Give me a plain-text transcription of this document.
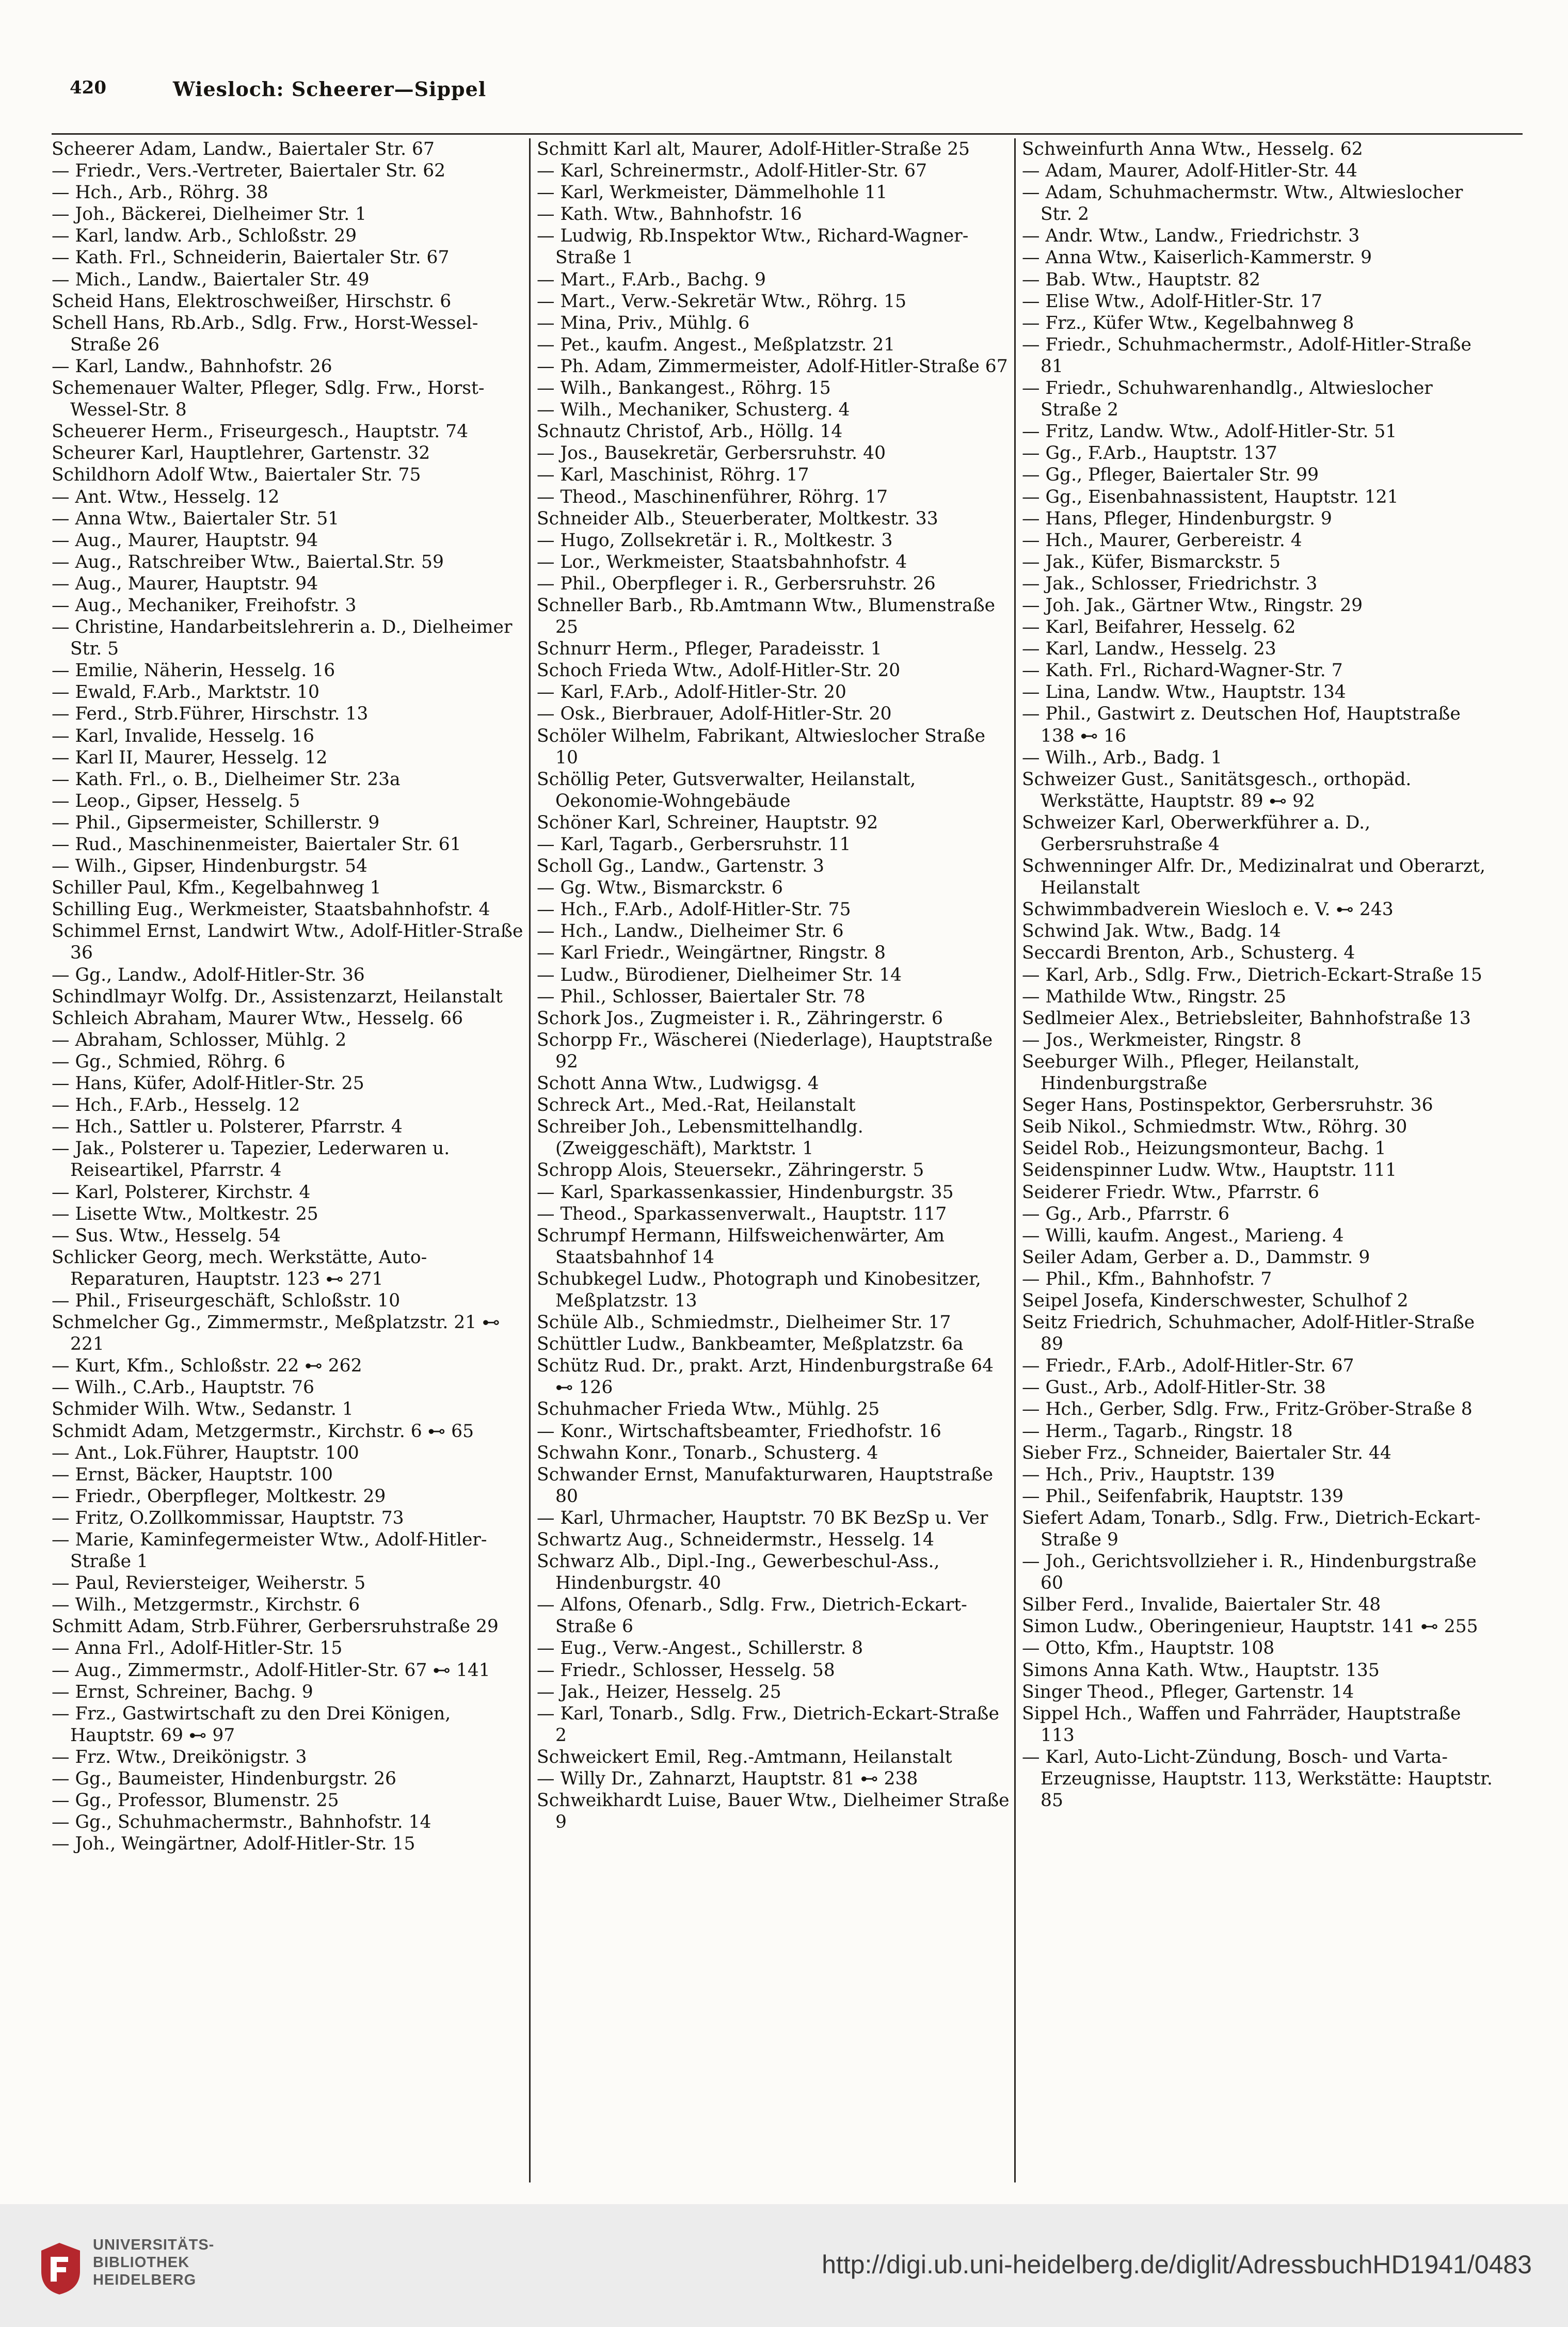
420	Wiesloch: Scheerer—Sippel
Scheerer Adam, Landw., Baiertaler Str. 67
— Friedr., Vers.-Vertreter, Baiertaler Str. 62
— Hch., Arb., Röhrg. 38
— Joh., Bäckerei, Dielheimer Str. 1
— Karl, landw. Arb., Schloßstr. 29
— Kath. Frl., Schneiderin, Baiertaler Str. 67
— Mich., Landw., Baiertaler Str. 49
Scheid Hans, Elektroschweißer, Hirschstr. 6
Schell Hans, Rb.Arb., Sdlg. Frw., Horst-Wessel-Straße 26
— Karl, Landw., Bahnhofstr. 26
Schemenauer Walter, Pfleger, Sdlg. Frw., Horst-Wessel-Str. 8
Scheuerer Herm., Friseurgesch., Hauptstr. 74
Scheurer Karl, Hauptlehrer, Gartenstr. 32
Schildhorn Adolf Wtw., Baiertaler Str. 75
— Ant. Wtw., Hesselg. 12
— Anna Wtw., Baiertaler Str. 51
— Aug., Maurer, Hauptstr. 94
— Aug., Ratschreiber Wtw., Baiertal.Str. 59
— Aug., Maurer, Hauptstr. 94
— Aug., Mechaniker, Freihofstr. 3
— Christine, Handarbeitslehrerin a. D., Dielheimer Str. 5
— Emilie, Näherin, Hesselg. 16
— Ewald, F.Arb., Marktstr. 10
— Ferd., Strb.Führer, Hirschstr. 13
— Karl, Invalide, Hesselg. 16
— Karl II, Maurer, Hesselg. 12
— Kath. Frl., o. B., Dielheimer Str. 23a
— Leop., Gipser, Hesselg. 5
— Phil., Gipsermeister, Schillerstr. 9
— Rud., Maschinenmeister, Baiertaler Str. 61
— Wilh., Gipser, Hindenburgstr. 54
Schiller Paul, Kfm., Kegelbahnweg 1
Schilling Eug., Werkmeister, Staatsbahnhofstr. 4
Schimmel Ernst, Landwirt Wtw., Adolf-Hitler-Straße 36
— Gg., Landw., Adolf-Hitler-Str. 36
Schindlmayr Wolfg. Dr., Assistenzarzt, Heilanstalt
Schleich Abraham, Maurer Wtw., Hesselg. 66
— Abraham, Schlosser, Mühlg. 2
— Gg., Schmied, Röhrg. 6
— Hans, Küfer, Adolf-Hitler-Str. 25
— Hch., F.Arb., Hesselg. 12
— Hch., Sattler u. Polsterer, Pfarrstr. 4
— Jak., Polsterer u. Tapezier, Lederwaren u. Reiseartikel, Pfarrstr. 4
— Karl, Polsterer, Kirchstr. 4
— Lisette Wtw., Moltkestr. 25
— Sus. Wtw., Hesselg. 54
Schlicker Georg, mech. Werkstätte, Auto-Reparaturen, Hauptstr. 123 ⊷ 271
— Phil., Friseurgeschäft, Schloßstr. 10
Schmelcher Gg., Zimmermstr., Meßplatzstr. 21 ⊷ 221
— Kurt, Kfm., Schloßstr. 22 ⊷ 262
— Wilh., C.Arb., Hauptstr. 76
Schmider Wilh. Wtw., Sedanstr. 1
Schmidt Adam, Metzgermstr., Kirchstr. 6 ⊷ 65
— Ant., Lok.Führer, Hauptstr. 100
— Ernst, Bäcker, Hauptstr. 100
— Friedr., Oberpfleger, Moltkestr. 29
— Fritz, O.Zollkommissar, Hauptstr. 73
— Marie, Kaminfegermeister Wtw., Adolf-Hitler-Straße 1
— Paul, Reviersteiger, Weiherstr. 5
— Wilh., Metzgermstr., Kirchstr. 6
Schmitt Adam, Strb.Führer, Gerbersruhstraße 29
— Anna Frl., Adolf-Hitler-Str. 15
— Aug., Zimmermstr., Adolf-Hitler-Str. 67 ⊷ 141
— Ernst, Schreiner, Bachg. 9
— Frz., Gastwirtschaft zu den Drei Königen, Hauptstr. 69 ⊷ 97
— Frz. Wtw., Dreikönigstr. 3
— Gg., Baumeister, Hindenburgstr. 26
— Gg., Professor, Blumenstr. 25
— Gg., Schuhmachermstr., Bahnhofstr. 14
— Joh., Weingärtner, Adolf-Hitler-Str. 15
Schmitt Karl alt, Maurer, Adolf-Hitler-Straße 25
— Karl, Schreinermstr., Adolf-Hitler-Str. 67
— Karl, Werkmeister, Dämmelhohle 11
— Kath. Wtw., Bahnhofstr. 16
— Ludwig, Rb.Inspektor Wtw., Richard-Wagner-Straße 1
— Mart., F.Arb., Bachg. 9
— Mart., Verw.-Sekretär Wtw., Röhrg. 15
— Mina, Priv., Mühlg. 6
— Pet., kaufm. Angest., Meßplatzstr. 21
— Ph. Adam, Zimmermeister, Adolf-Hitler-Straße 67
— Wilh., Bankangest., Röhrg. 15
— Wilh., Mechaniker, Schusterg. 4
Schnautz Christof, Arb., Höllg. 14
— Jos., Bausekretär, Gerbersruhstr. 40
— Karl, Maschinist, Röhrg. 17
— Theod., Maschinenführer, Röhrg. 17
Schneider Alb., Steuerberater, Moltkestr. 33
— Hugo, Zollsekretär i. R., Moltkestr. 3
— Lor., Werkmeister, Staatsbahnhofstr. 4
— Phil., Oberpfleger i. R., Gerbersruhstr. 26
Schneller Barb., Rb.Amtmann Wtw., Blumenstraße 25
Schnurr Herm., Pfleger, Paradeisstr. 1
Schoch Frieda Wtw., Adolf-Hitler-Str. 20
— Karl, F.Arb., Adolf-Hitler-Str. 20
— Osk., Bierbrauer, Adolf-Hitler-Str. 20
Schöler Wilhelm, Fabrikant, Altwieslocher Straße 10
Schöllig Peter, Gutsverwalter, Heilanstalt, Oekonomie-Wohngebäude
Schöner Karl, Schreiner, Hauptstr. 92
— Karl, Tagarb., Gerbersruhstr. 11
Scholl Gg., Landw., Gartenstr. 3
— Gg. Wtw., Bismarckstr. 6
— Hch., F.Arb., Adolf-Hitler-Str. 75
— Hch., Landw., Dielheimer Str. 6
— Karl Friedr., Weingärtner, Ringstr. 8
— Ludw., Bürodiener, Dielheimer Str. 14
— Phil., Schlosser, Baiertaler Str. 78
Schork Jos., Zugmeister i. R., Zähringerstr. 6
Schorpp Fr., Wäscherei (Niederlage), Hauptstraße 92
Schott Anna Wtw., Ludwigsg. 4
Schreck Art., Med.-Rat, Heilanstalt
Schreiber Joh., Lebensmittelhandlg. (Zweiggeschäft), Marktstr. 1
Schropp Alois, Steuersekr., Zähringerstr. 5
— Karl, Sparkassenkassier, Hindenburgstr. 35
— Theod., Sparkassenverwalt., Hauptstr. 117
Schrumpf Hermann, Hilfsweichenwärter, Am Staatsbahnhof 14
Schubkegel Ludw., Photograph und Kinobesitzer, Meßplatzstr. 13
Schüle Alb., Schmiedmstr., Dielheimer Str. 17
Schüttler Ludw., Bankbeamter, Meßplatzstr. 6a
Schütz Rud. Dr., prakt. Arzt, Hindenburgstraße 64 ⊷ 126
Schuhmacher Frieda Wtw., Mühlg. 25
— Konr., Wirtschaftsbeamter, Friedhofstr. 16
Schwahn Konr., Tonarb., Schusterg. 4
Schwander Ernst, Manufakturwaren, Hauptstraße 80
— Karl, Uhrmacher, Hauptstr. 70 BK BezSp u. Ver
Schwartz Aug., Schneidermstr., Hesselg. 14
Schwarz Alb., Dipl.-Ing., Gewerbeschul-Ass., Hindenburgstr. 40
— Alfons, Ofenarb., Sdlg. Frw., Dietrich-Eckart-Straße 6
— Eug., Verw.-Angest., Schillerstr. 8
— Friedr., Schlosser, Hesselg. 58
— Jak., Heizer, Hesselg. 25
— Karl, Tonarb., Sdlg. Frw., Dietrich-Eckart-Straße 2
Schweickert Emil, Reg.-Amtmann, Heilanstalt
— Willy Dr., Zahnarzt, Hauptstr. 81 ⊷ 238
Schweikhardt Luise, Bauer Wtw., Dielheimer Straße 9
Schweinfurth Anna Wtw., Hesselg. 62
— Adam, Maurer, Adolf-Hitler-Str. 44
— Adam, Schuhmachermstr. Wtw., Altwieslocher Str. 2
— Andr. Wtw., Landw., Friedrichstr. 3
— Anna Wtw., Kaiserlich-Kammerstr. 9
— Bab. Wtw., Hauptstr. 82
— Elise Wtw., Adolf-Hitler-Str. 17
— Frz., Küfer Wtw., Kegelbahnweg 8
— Friedr., Schuhmachermstr., Adolf-Hitler-Straße 81
— Friedr., Schuhwarenhandlg., Altwieslocher Straße 2
— Fritz, Landw. Wtw., Adolf-Hitler-Str. 51
— Gg., F.Arb., Hauptstr. 137
— Gg., Pfleger, Baiertaler Str. 99
— Gg., Eisenbahnassistent, Hauptstr. 121
— Hans, Pfleger, Hindenburgstr. 9
— Hch., Maurer, Gerbereistr. 4
— Jak., Küfer, Bismarckstr. 5
— Jak., Schlosser, Friedrichstr. 3
— Joh. Jak., Gärtner Wtw., Ringstr. 29
— Karl, Beifahrer, Hesselg. 62
— Karl, Landw., Hesselg. 23
— Kath. Frl., Richard-Wagner-Str. 7
— Lina, Landw. Wtw., Hauptstr. 134
— Phil., Gastwirt z. Deutschen Hof, Hauptstraße 138 ⊷ 16
— Wilh., Arb., Badg. 1
Schweizer Gust., Sanitätsgesch., orthopäd. Werkstätte, Hauptstr. 89 ⊷ 92
Schweizer Karl, Oberwerkführer a. D., Gerbersruhstraße 4
Schwenninger Alfr. Dr., Medizinalrat und Oberarzt, Heilanstalt
Schwimmbadverein Wiesloch e. V. ⊷ 243
Schwind Jak. Wtw., Badg. 14
Seccardi Brenton, Arb., Schusterg. 4
— Karl, Arb., Sdlg. Frw., Dietrich-Eckart-Straße 15
— Mathilde Wtw., Ringstr. 25
Sedlmeier Alex., Betriebsleiter, Bahnhofstraße 13
— Jos., Werkmeister, Ringstr. 8
Seeburger Wilh., Pfleger, Heilanstalt, Hindenburgstraße
Seger Hans, Postinspektor, Gerbersruhstr. 36
Seib Nikol., Schmiedmstr. Wtw., Röhrg. 30
Seidel Rob., Heizungsmonteur, Bachg. 1
Seidenspinner Ludw. Wtw., Hauptstr. 111
Seiderer Friedr. Wtw., Pfarrstr. 6
— Gg., Arb., Pfarrstr. 6
— Willi, kaufm. Angest., Marieng. 4
Seiler Adam, Gerber a. D., Dammstr. 9
— Phil., Kfm., Bahnhofstr. 7
Seipel Josefa, Kinderschwester, Schulhof 2
Seitz Friedrich, Schuhmacher, Adolf-Hitler-Straße 89
— Friedr., F.Arb., Adolf-Hitler-Str. 67
— Gust., Arb., Adolf-Hitler-Str. 38
— Hch., Gerber, Sdlg. Frw., Fritz-Gröber-Straße 8
— Herm., Tagarb., Ringstr. 18
Sieber Frz., Schneider, Baiertaler Str. 44
— Hch., Priv., Hauptstr. 139
— Phil., Seifenfabrik, Hauptstr. 139
Siefert Adam, Tonarb., Sdlg. Frw., Dietrich-Eckart-Straße 9
— Joh., Gerichtsvollzieher i. R., Hindenburgstraße 60
Silber Ferd., Invalide, Baiertaler Str. 48
Simon Ludw., Oberingenieur, Hauptstr. 141 ⊷ 255
— Otto, Kfm., Hauptstr. 108
Simons Anna Kath. Wtw., Hauptstr. 135
Singer Theod., Pfleger, Gartenstr. 14
Sippel Hch., Waffen und Fahrräder, Hauptstraße 113
— Karl, Auto-Licht-Zündung, Bosch- und Varta-Erzeugnisse, Hauptstr. 113, Werkstätte: Hauptstr. 85
UNIVERSITÄTS-
BIBLIOTHEK
HEIDELBERG
http://digi.ub.uni-heidelberg.de/diglit/AdressbuchHD1941/0483
